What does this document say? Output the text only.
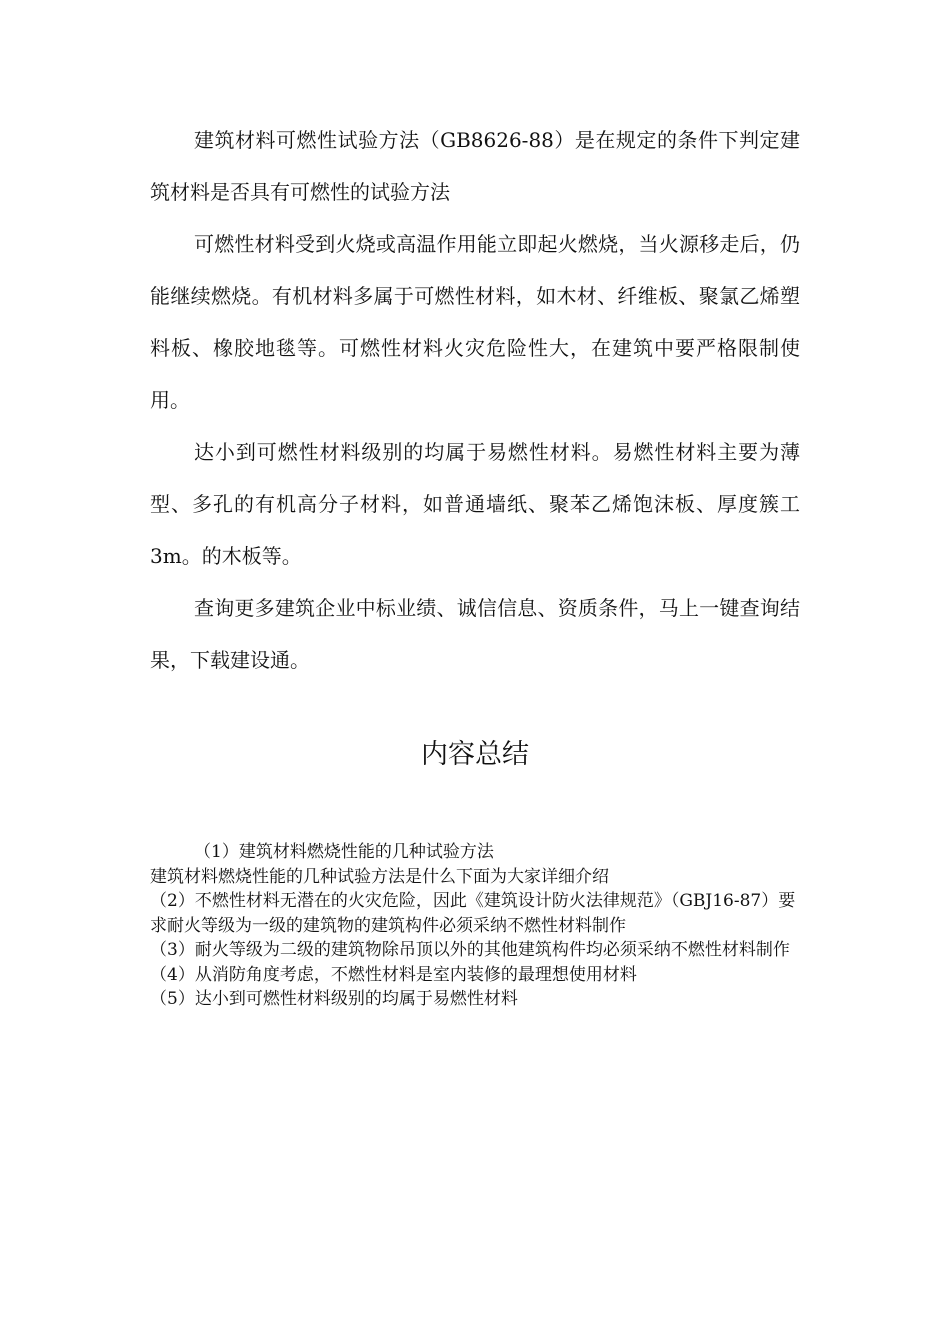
建筑材料可燃性试验方法（GB8626-88）是在规定的条件下判定建筑材料是否具有可燃性的试验方法

可燃性材料受到火烧或高温作用能立即起火燃烧，当火源移走后，仍能继续燃烧。有机材料多属于可燃性材料，如木材、纤维板、聚氯乙烯塑料板、橡胶地毯等。可燃性材料火灾危险性大，在建筑中要严格限制使用。

达小到可燃性材料级别的均属于易燃性材料。易燃性材料主要为薄型、多孔的有机高分子材料，如普通墙纸、聚苯乙烯饱沫板、厚度簇工3m。的木板等。

查询更多建筑企业中标业绩、诚信信息、资质条件，马上一键查询结果，下载建设通。

内容总结
（1）建筑材料燃烧性能的几种试验方法
建筑材料燃烧性能的几种试验方法是什么下面为大家详细介绍
（2）不燃性材料无潜在的火灾危险，因此《建筑设计防火法律规范》（GBJ16-87）要求耐火等级为一级的建筑物的建筑构件必须采纳不燃性材料制作
（3）耐火等级为二级的建筑物除吊顶以外的其他建筑构件均必须采纳不燃性材料制作
（4）从消防角度考虑，不燃性材料是室内装修的最理想使用材料
（5）达小到可燃性材料级别的均属于易燃性材料
